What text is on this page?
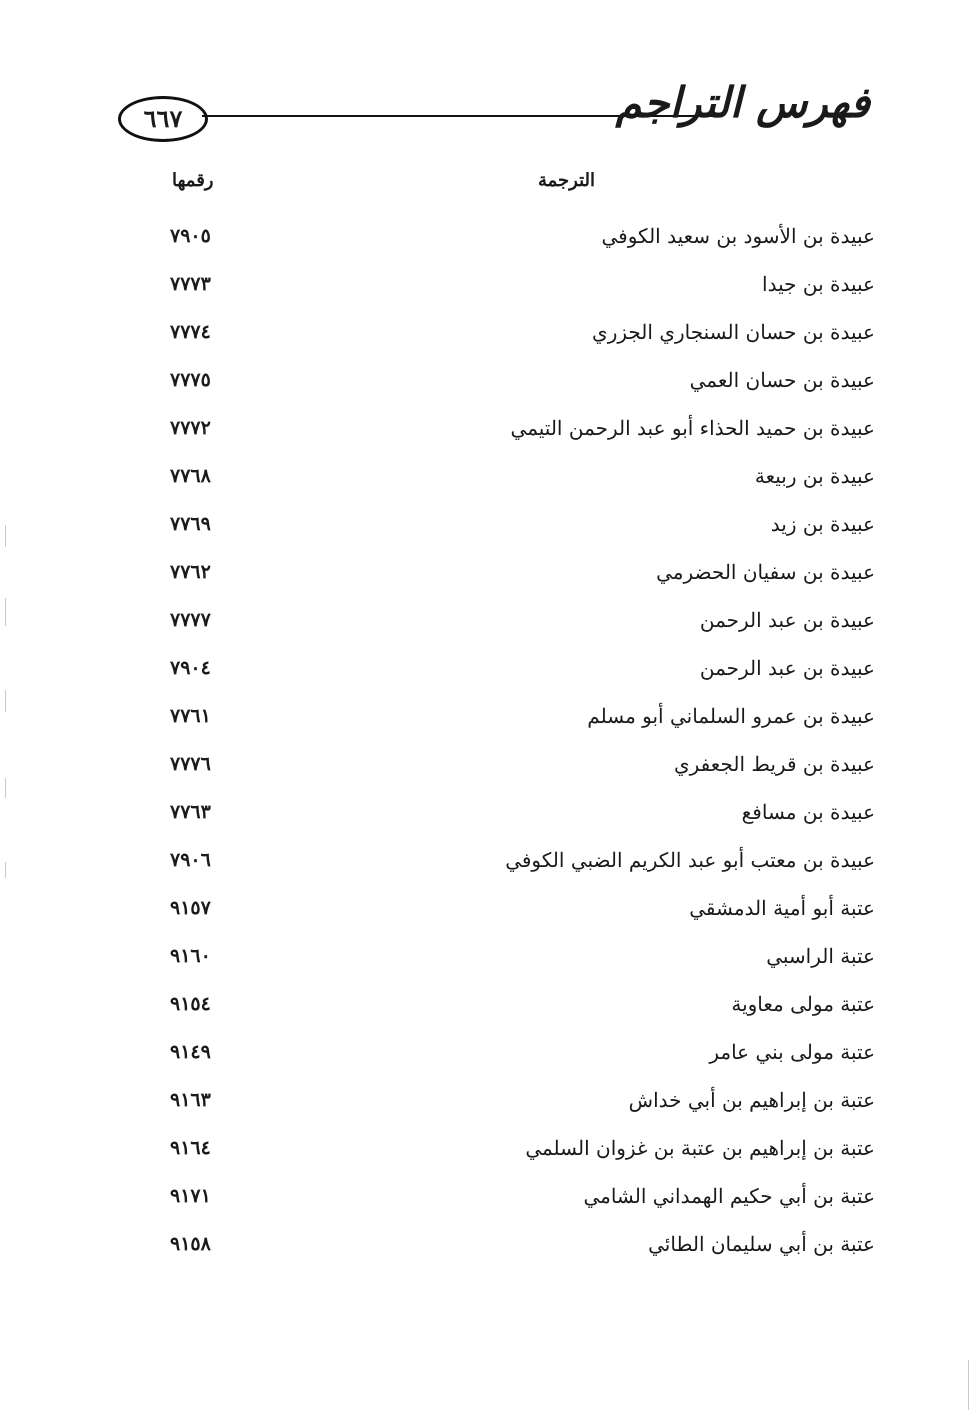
٦٦٧	فهرس التراجم
الترجمة
رقمها
عبيدة بن الأسود بن سعيد الكوفي
٧٩٠٥
عبيدة بن جيدا
٧٧٧٣
عبيدة بن حسان السنجاري الجزري
٧٧٧٤
عبيدة بن حسان العمي
٧٧٧٥
عبيدة بن حميد الحذاء أبو عبد الرحمن التيمي
٧٧٧٢
عبيدة بن ربيعة
٧٧٦٨
عبيدة بن زيد
٧٧٦٩
عبيدة بن سفيان الحضرمي
٧٧٦٢
عبيدة بن عبد الرحمن
٧٧٧٧
عبيدة بن عبد الرحمن
٧٩٠٤
عبيدة بن عمرو السلماني أبو مسلم
٧٧٦١
عبيدة بن قريط الجعفري
٧٧٧٦
عبيدة بن مسافع
٧٧٦٣
عبيدة بن معتب أبو عبد الكريم الضبي الكوفي
٧٩٠٦
عتبة أبو أمية الدمشقي
٩١٥٧
عتبة الراسبي
٩١٦٠
عتبة مولى معاوية
٩١٥٤
عتبة مولى بني عامر
٩١٤٩
عتبة بن إبراهيم بن أبي خداش
٩١٦٣
عتبة بن إبراهيم بن عتبة بن غزوان السلمي
٩١٦٤
عتبة بن أبي حكيم الهمداني الشامي
٩١٧١
عتبة بن أبي سليمان الطائي
٩١٥٨
